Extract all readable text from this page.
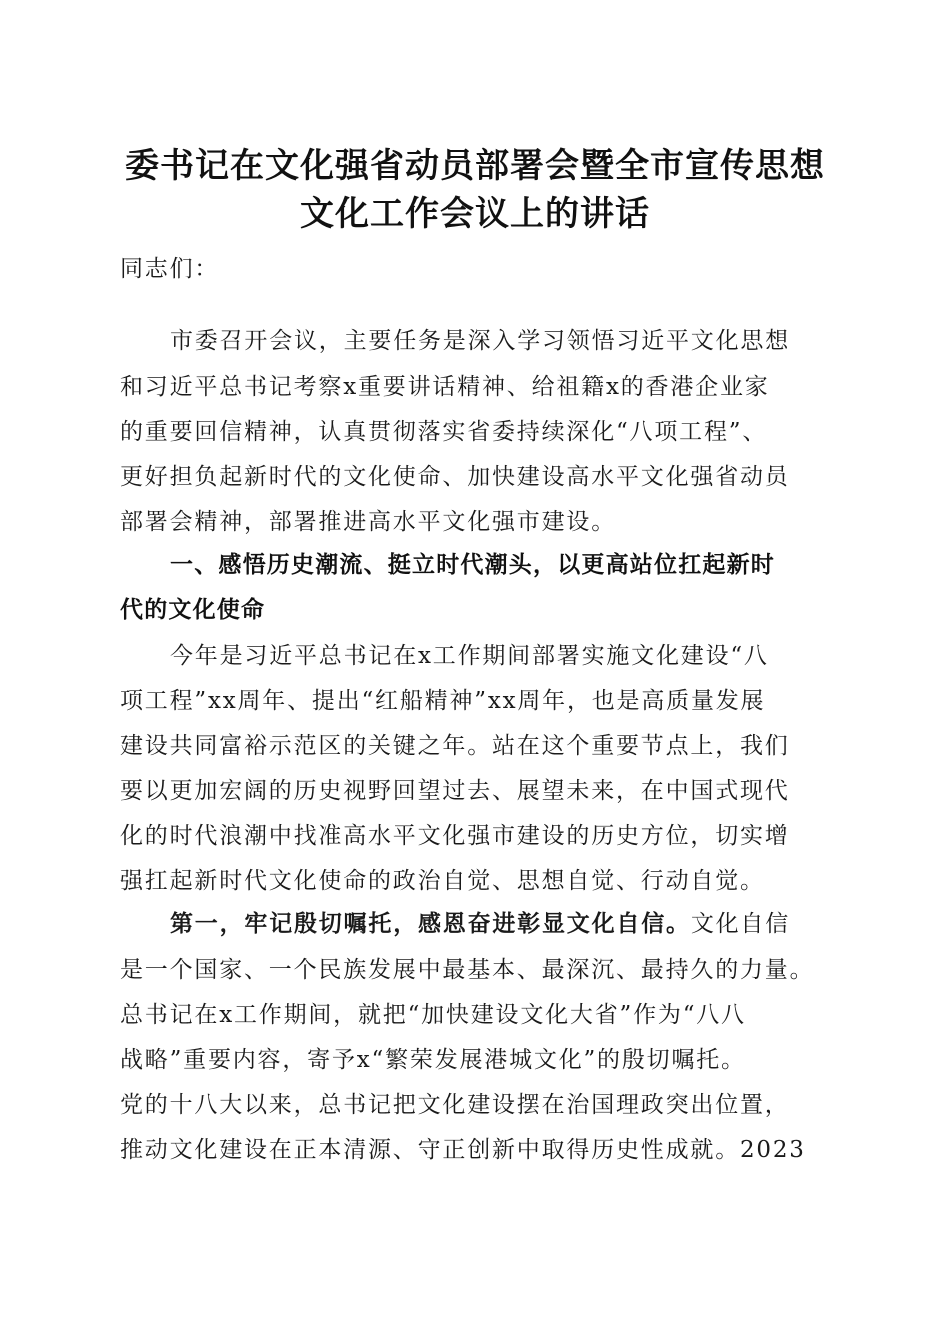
委书记在文化强省动员部署会暨全市宣传思想
文化工作会议上的讲话
同志们：
市委召开会议，主要任务是深入学习领悟习近平文化思想
和习近平总书记考察x重要讲话精神、给祖籍x的香港企业家
的重要回信精神，认真贯彻落实省委持续深化“八项工程”、
更好担负起新时代的文化使命、加快建设高水平文化强省动员
部署会精神，部署推进高水平文化强市建设。
一、感悟历史潮流、挺立时代潮头，以更高站位扛起新时
代的文化使命
今年是习近平总书记在x工作期间部署实施文化建设“八
项工程”xx周年、提出“红船精神”xx周年，也是高质量发展
建设共同富裕示范区的关键之年。站在这个重要节点上，我们
要以更加宏阔的历史视野回望过去、展望未来，在中国式现代
化的时代浪潮中找准高水平文化强市建设的历史方位，切实增
强扛起新时代文化使命的政治自觉、思想自觉、行动自觉。
第一，牢记殷切嘱托，感恩奋进彰显文化自信。文化自信
是一个国家、一个民族发展中最基本、最深沉、最持久的力量。
总书记在x工作期间，就把“加快建设文化大省”作为“八八
战略”重要内容，寄予x“繁荣发展港城文化”的殷切嘱托。
党的十八大以来，总书记把文化建设摆在治国理政突出位置，
推动文化建设在正本清源、守正创新中取得历史性成就。2023
